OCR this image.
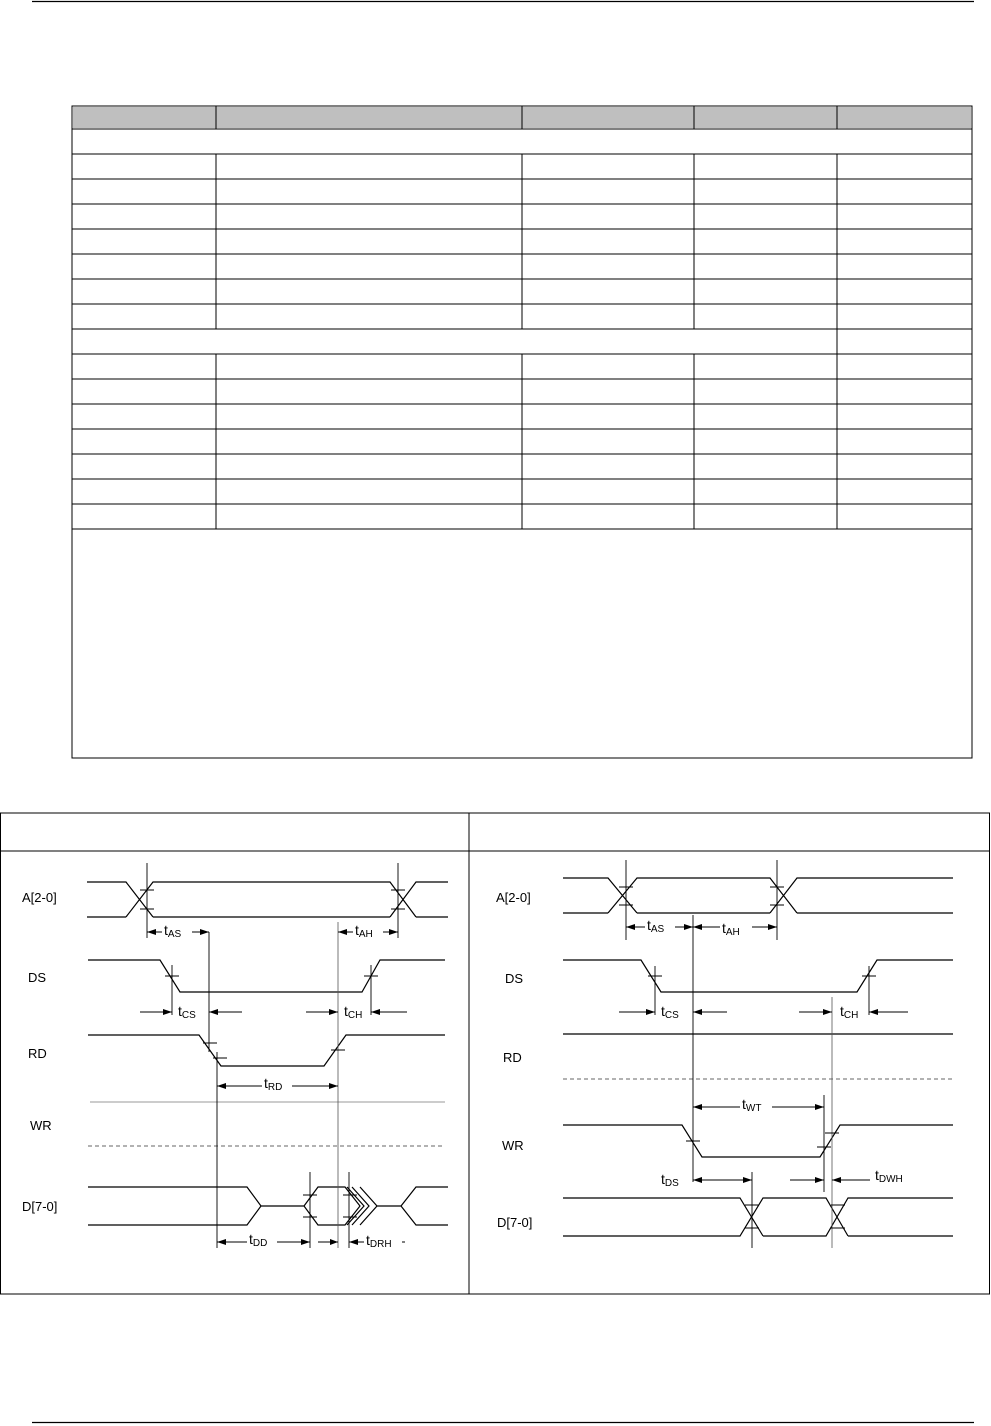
A[2-0]
DS
RD
WR
D[7-0]
tAS	tAH
tCS	tCH
tRD
tDD	tDRH
A[2-0]
DS
RD
WR
D[7-0]
tAS	tAH
tCS	tCH
tWT
tDS
tDWH
